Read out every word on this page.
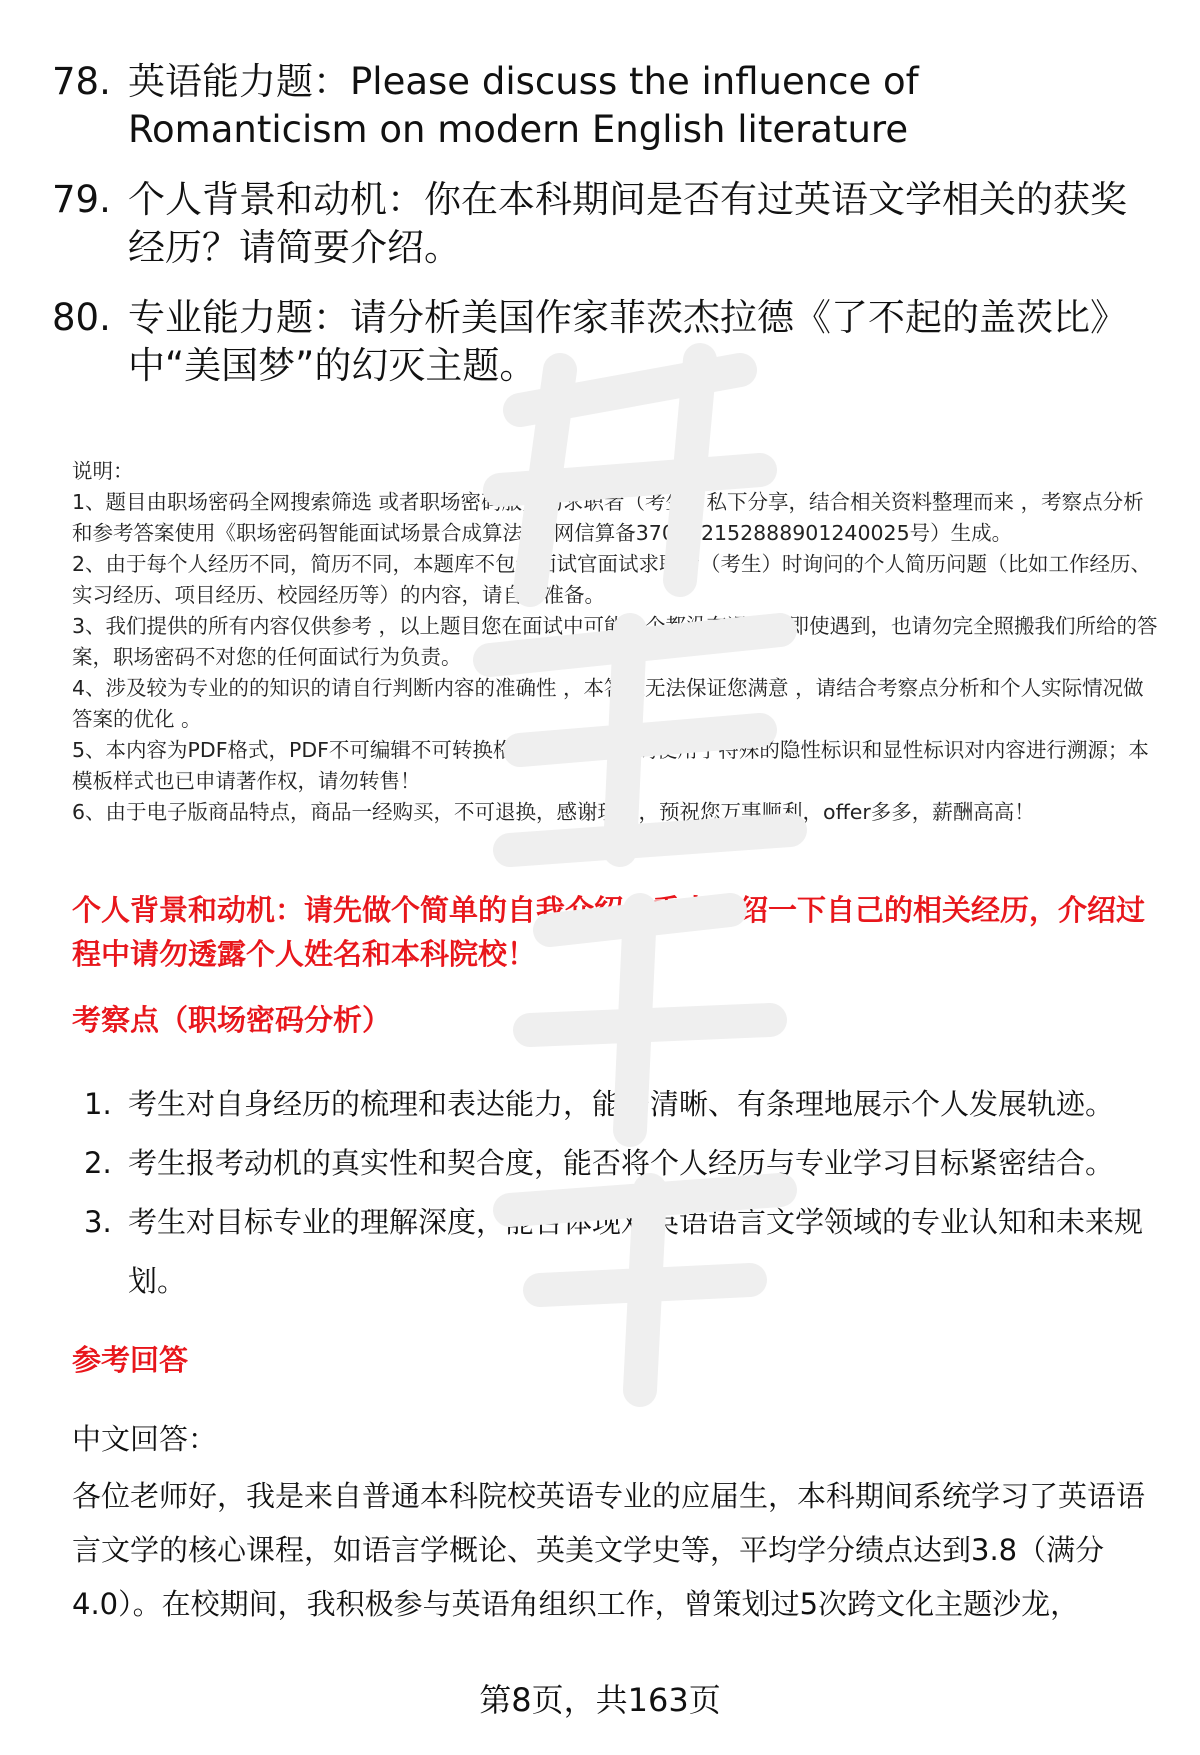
78. 英语能力题：Please discuss the influence of Romanticism on modern English literature
79. 个人背景和动机：你在本科期间是否有过英语文学相关的获奖经历？请简要介绍。
80. 专业能力题：请分析美国作家菲茨杰拉德《了不起的盖茨比》中“美国梦”的幻灭主题。
说明：
1、题目由职场密码全网搜索筛选 或者职场密码服务的求职者（考生）私下分享，结合相关资料整理而来 ，考察点分析和参考答案使用《职场密码智能面试场景合成算法》（网信算备370112152888901240025号）生成。
2、由于每个人经历不同，简历不同，本题库不包含面试官面试求职者（考生）时询问的个人简历问题（比如工作经历、实习经历、项目经历、校园经历等）的内容，请自行准备。
3、我们提供的所有内容仅供参考 ，以上题目您在面试中可能一个都没有遇到；即使遇到，也请勿完全照搬我们所给的答案，职场密码不对您的任何面试行为负责。
4、涉及较为专业的的知识的请自行判断内容的准确性 ，本答案无法保证您满意 ，请结合考察点分析和个人实际情况做答案的优化 。
5、本内容为PDF格式，PDF不可编辑不可转换格式，且职场密码使用了特殊的隐性标识和显性标识对内容进行溯源；本模板样式也已申请著作权，请勿转售！
6、由于电子版商品特点，商品一经购买，不可退换，感谢理解，预祝您万事顺利，offer多多，薪酬高高！
个人背景和动机：请先做个简单的自我介绍。重点介绍一下自己的相关经历，介绍过程中请勿透露个人姓名和本科院校！
考察点（职场密码分析）
1. 考生对自身经历的梳理和表达能力，能否清晰、有条理地展示个人发展轨迹。
2. 考生报考动机的真实性和契合度，能否将个人经历与专业学习目标紧密结合。
3. 考生对目标专业的理解深度，能否体现对英语语言文学领域的专业认知和未来规划。
参考回答
中文回答：
各位老师好，我是来自普通本科院校英语专业的应届生，本科期间系统学习了英语语言文学的核心课程，如语言学概论、英美文学史等，平均学分绩点达到3.8（满分4.0）。在校期间，我积极参与英语角组织工作，曾策划过5次跨文化主题沙龙，
第8页，共163页
